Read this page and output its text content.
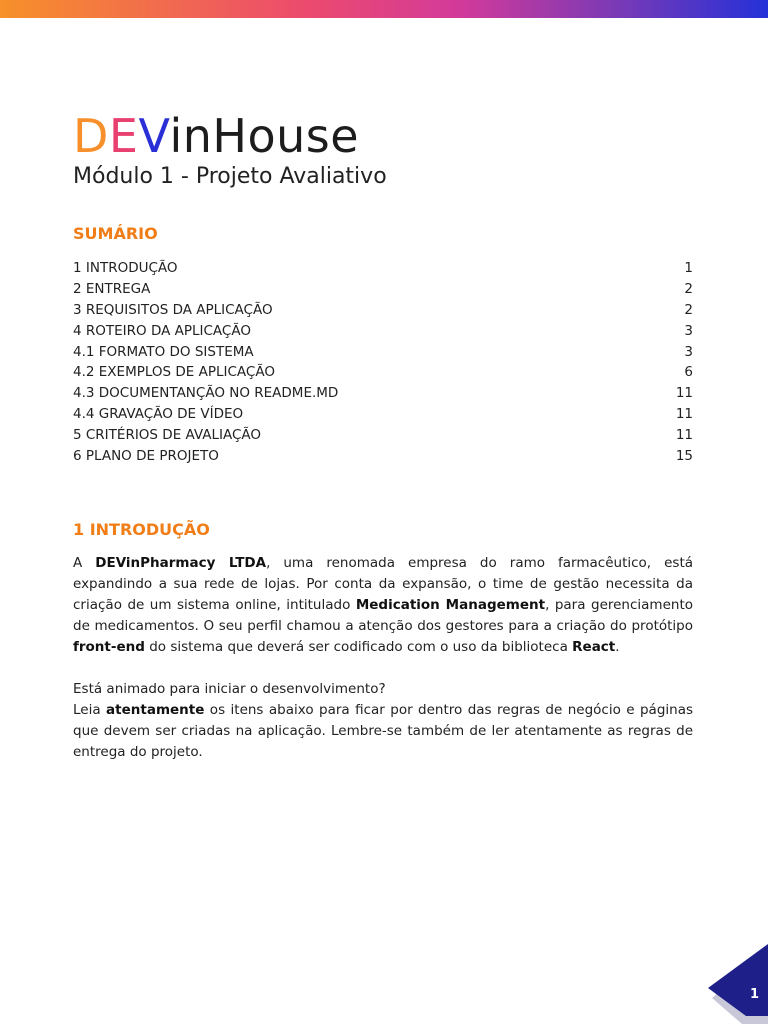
DEVinHouse
Módulo 1 - Projeto Avaliativo
SUMÁRIO
1 INTRODUÇÃO	1
2 ENTREGA	2
3 REQUISITOS DA APLICAÇÃO	2
4 ROTEIRO DA APLICAÇÃO	3
4.1 FORMATO DO SISTEMA	3
4.2 EXEMPLOS DE APLICAÇÃO	6
4.3 DOCUMENTANÇÃO NO README.MD	11
4.4 GRAVAÇÃO DE VÍDEO	11
5 CRITÉRIOS DE AVALIAÇÃO	11
6 PLANO DE PROJETO	15
1 INTRODUÇÃO

A DEVinPharmacy LTDA, uma renomada empresa do ramo farmacêutico, está expandindo a sua rede de lojas. Por conta da expansão, o time de gestão necessita da criação de um sistema online, intitulado Medication Management, para gerenciamento de medicamentos. O seu perfil chamou a atenção dos gestores para a criação do protótipo front-end do sistema que deverá ser codificado com o uso da biblioteca React.

Está animado para iniciar o desenvolvimento?

Leia atentamente os itens abaixo para ficar por dentro das regras de negócio e páginas que devem ser criadas na aplicação. Lembre-se também de ler atentamente as regras de entrega do projeto.

1
